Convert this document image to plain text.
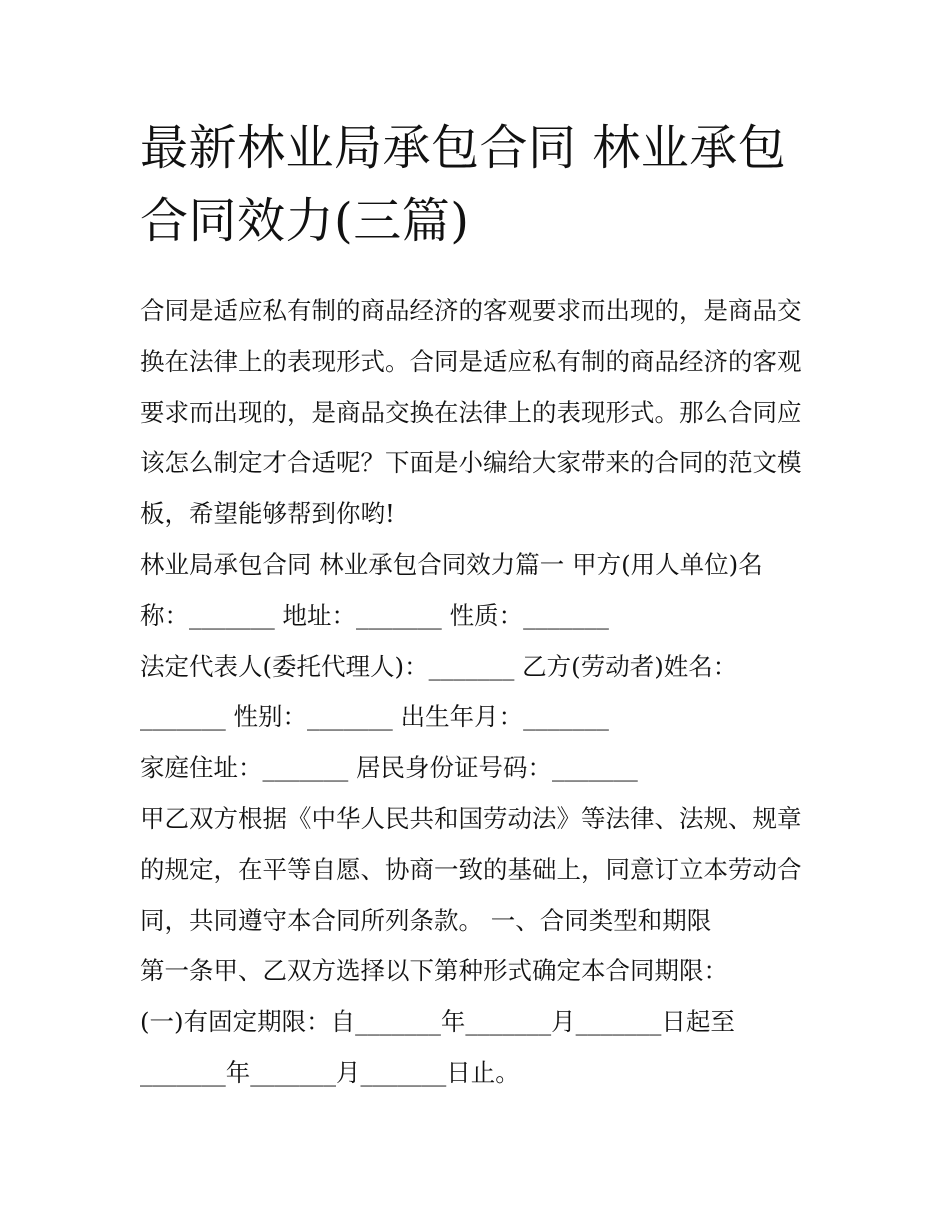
最新林业局承包合同 林业承包
合同效力(三篇)
合同是适应私有制的商品经济的客观要求而出现的，是商品交
换在法律上的表现形式。合同是适应私有制的商品经济的客观
要求而出现的，是商品交换在法律上的表现形式。那么合同应
该怎么制定才合适呢？下面是小编给大家带来的合同的范文模
板，希望能够帮到你哟!
林业局承包合同 林业承包合同效力篇一 甲方(用人单位)名
称：_______ 地址：_______ 性质：_______
法定代表人(委托代理人)：_______ 乙方(劳动者)姓名：
_______ 性别：_______ 出生年月：_______
家庭住址：_______ 居民身份证号码：_______
甲乙双方根据《中华人民共和国劳动法》等法律、法规、规章
的规定，在平等自愿、协商一致的基础上，同意订立本劳动合
同，共同遵守本合同所列条款。 一、合同类型和期限
第一条甲、乙双方选择以下第种形式确定本合同期限：
(一)有固定期限：自_______年_______月_______日起至
_______年_______月_______日止。
